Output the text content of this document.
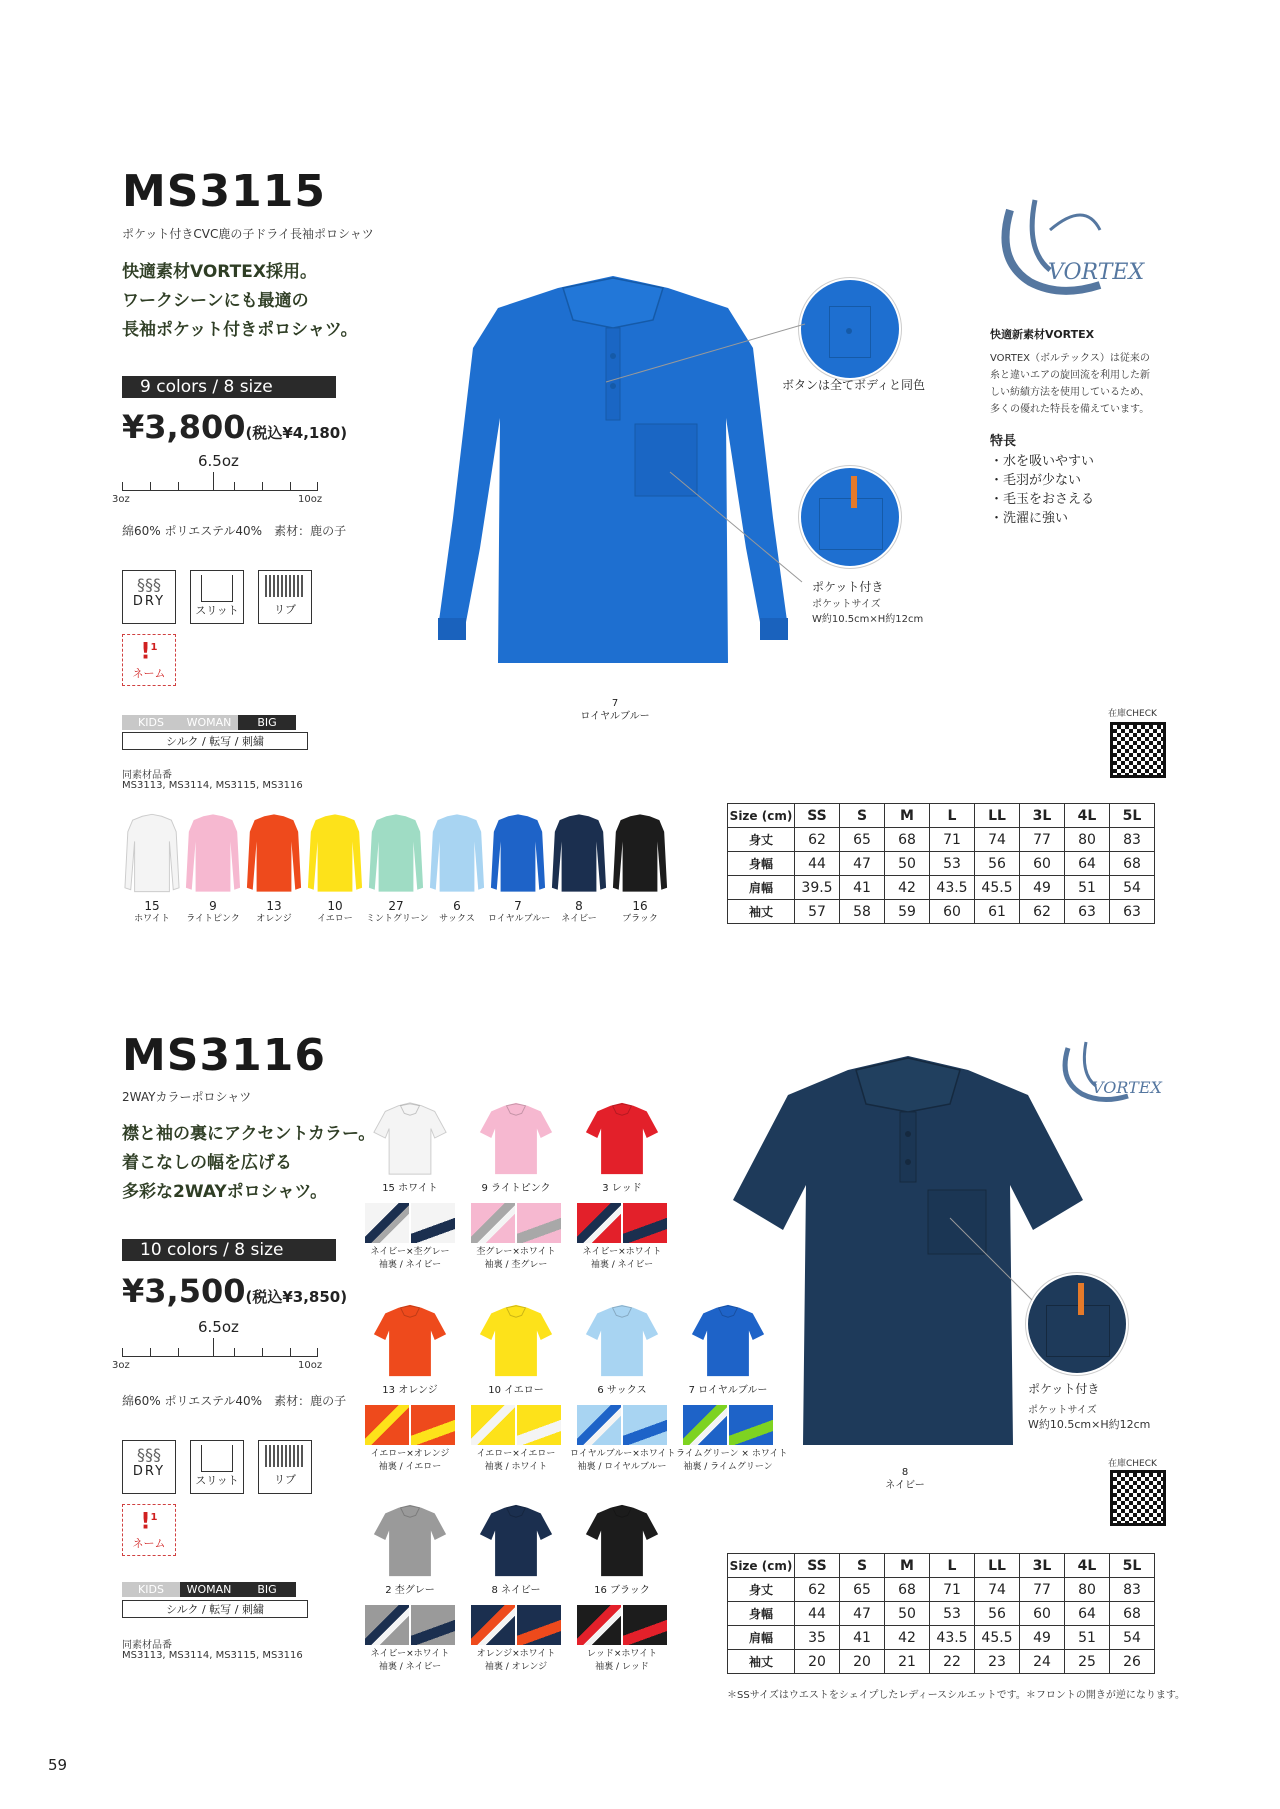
MS3115
ポケット付きCVC鹿の子ドライ長袖ポロシャツ
快適素材VORTEX採用。
ワークシーンにも最適の
長袖ポケット付きポロシャツ。
9 colors / 8 size
¥3,800(税込¥4,180)
6.5oz
3oz	10oz
綿60% ポリエステル40%　素材：鹿の子
§§§
DRY
スリット	リブ
!$^1$
ネーム
KIDS WOMAN BIG
シルク / 転写 / 刺繍
同素材品番
MS3113, MS3114, MS3115, MS3116
7
ロイヤルブルー
ボタンは全てボディと同色
ポケット付き
ポケットサイズ
W約10.5cm×H約12cm
VORTEX
快適新素材VORTEX
VORTEX（ボルテックス）は従来の
糸と違いエアの旋回流を利用した新
しい紡績方法を使用しているため、
多くの優れた特長を備えています。
特長
・水を吸いやすい
・毛羽が少ない
・毛玉をおさえる
・洗濯に強い
在庫CHECK
15
ホワイト
9
ライトピンク
13
オレンジ
10
イエロー
27
ミントグリーン
6
サックス
7
ロイヤルブルー
8
ネイビー
16
ブラック
Size (cm)	SS	S	M	L	LL	3L	4L	5L
身丈	62	65	68	71	74	77	80	83
身幅	44	47	50	53	56	60	64	68
肩幅	39.5	41	42	43.5	45.5	49	51	54
袖丈	57	58	59	60	61	62	63	63
MS3116
2WAYカラーポロシャツ
襟と袖の裏にアクセントカラー。
着こなしの幅を広げる
多彩な2WAYポロシャツ。
10 colors / 8 size
¥3,500(税込¥3,850)
6.5oz
3oz	10oz
綿60% ポリエステル40%　素材：鹿の子
§§§
DRY
スリット	リブ
!$^1$
ネーム
KIDS WOMAN BIG
シルク / 転写 / 刺繍
同素材品番
MS3113, MS3114, MS3115, MS3116
15 ホワイト
ネイビー×杢グレー
袖裏 / ネイビー
9 ライトピンク
杢グレー×ホワイト
袖裏 / 杢グレー
3 レッド
ネイビー×ホワイト
袖裏 / ネイビー
13 オレンジ
イエロー×オレンジ
袖裏 / イエロー
10 イエロー
イエロー×イエロー
袖裏 / ホワイト
6 サックス
ロイヤルブルー×ホワイト
袖裏 / ロイヤルブルー
7 ロイヤルブルー
ライムグリーン × ホワイト
袖裏 / ライムグリーン
2 杢グレー
ネイビー×ホワイト
袖裏 / ネイビー
8 ネイビー
オレンジ×ホワイト
袖裏 / オレンジ
16 ブラック
レッド×ホワイト
袖裏 / レッド
8
ネイビー
ポケット付き
ポケットサイズ
W約10.5cm×H約12cm
VORTEX
在庫CHECK
Size (cm)	SS	S	M	L	LL	3L	4L	5L
身丈	62	65	68	71	74	77	80	83
身幅	44	47	50	53	56	60	64	68
肩幅	35	41	42	43.5	45.5	49	51	54
袖丈	20	20	21	22	23	24	25	26
＊SSサイズはウエストをシェイプしたレディースシルエットです。＊フロントの開きが逆になります。
59
